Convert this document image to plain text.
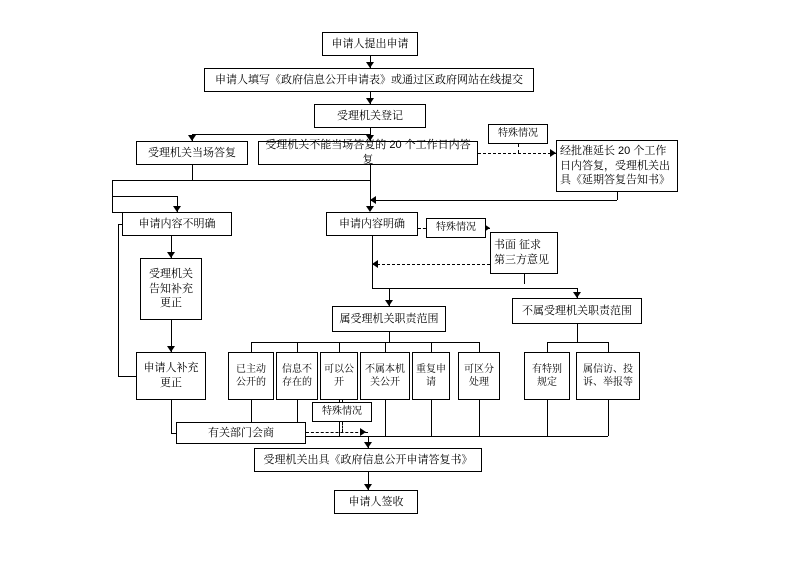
申请人提出申请
申请人填写《政府信息公开申请表》或通过区政府网站在线提交
受理机关登记
受理机关当场答复
受理机关不能当场答复的 20 个工作日内答复
特殊情况
经批准延长 20 个工作日内答复，受理机关出具《延期答复告知书》
申请内容不明确	申请内容明确	特殊情况
书面 征求 第三方意见
受理机关告知补充更正
属受理机关职责范围
不属受理机关职责范围
申请人补充更正
已主动公开的
信息不存在的
可以公开
不属本机关公开
重复申请
可区分处理
有特别规定
属信访、投诉、举报等
特殊情况
有关部门会商
受理机关出具《政府信息公开申请答复书》
申请人签收
